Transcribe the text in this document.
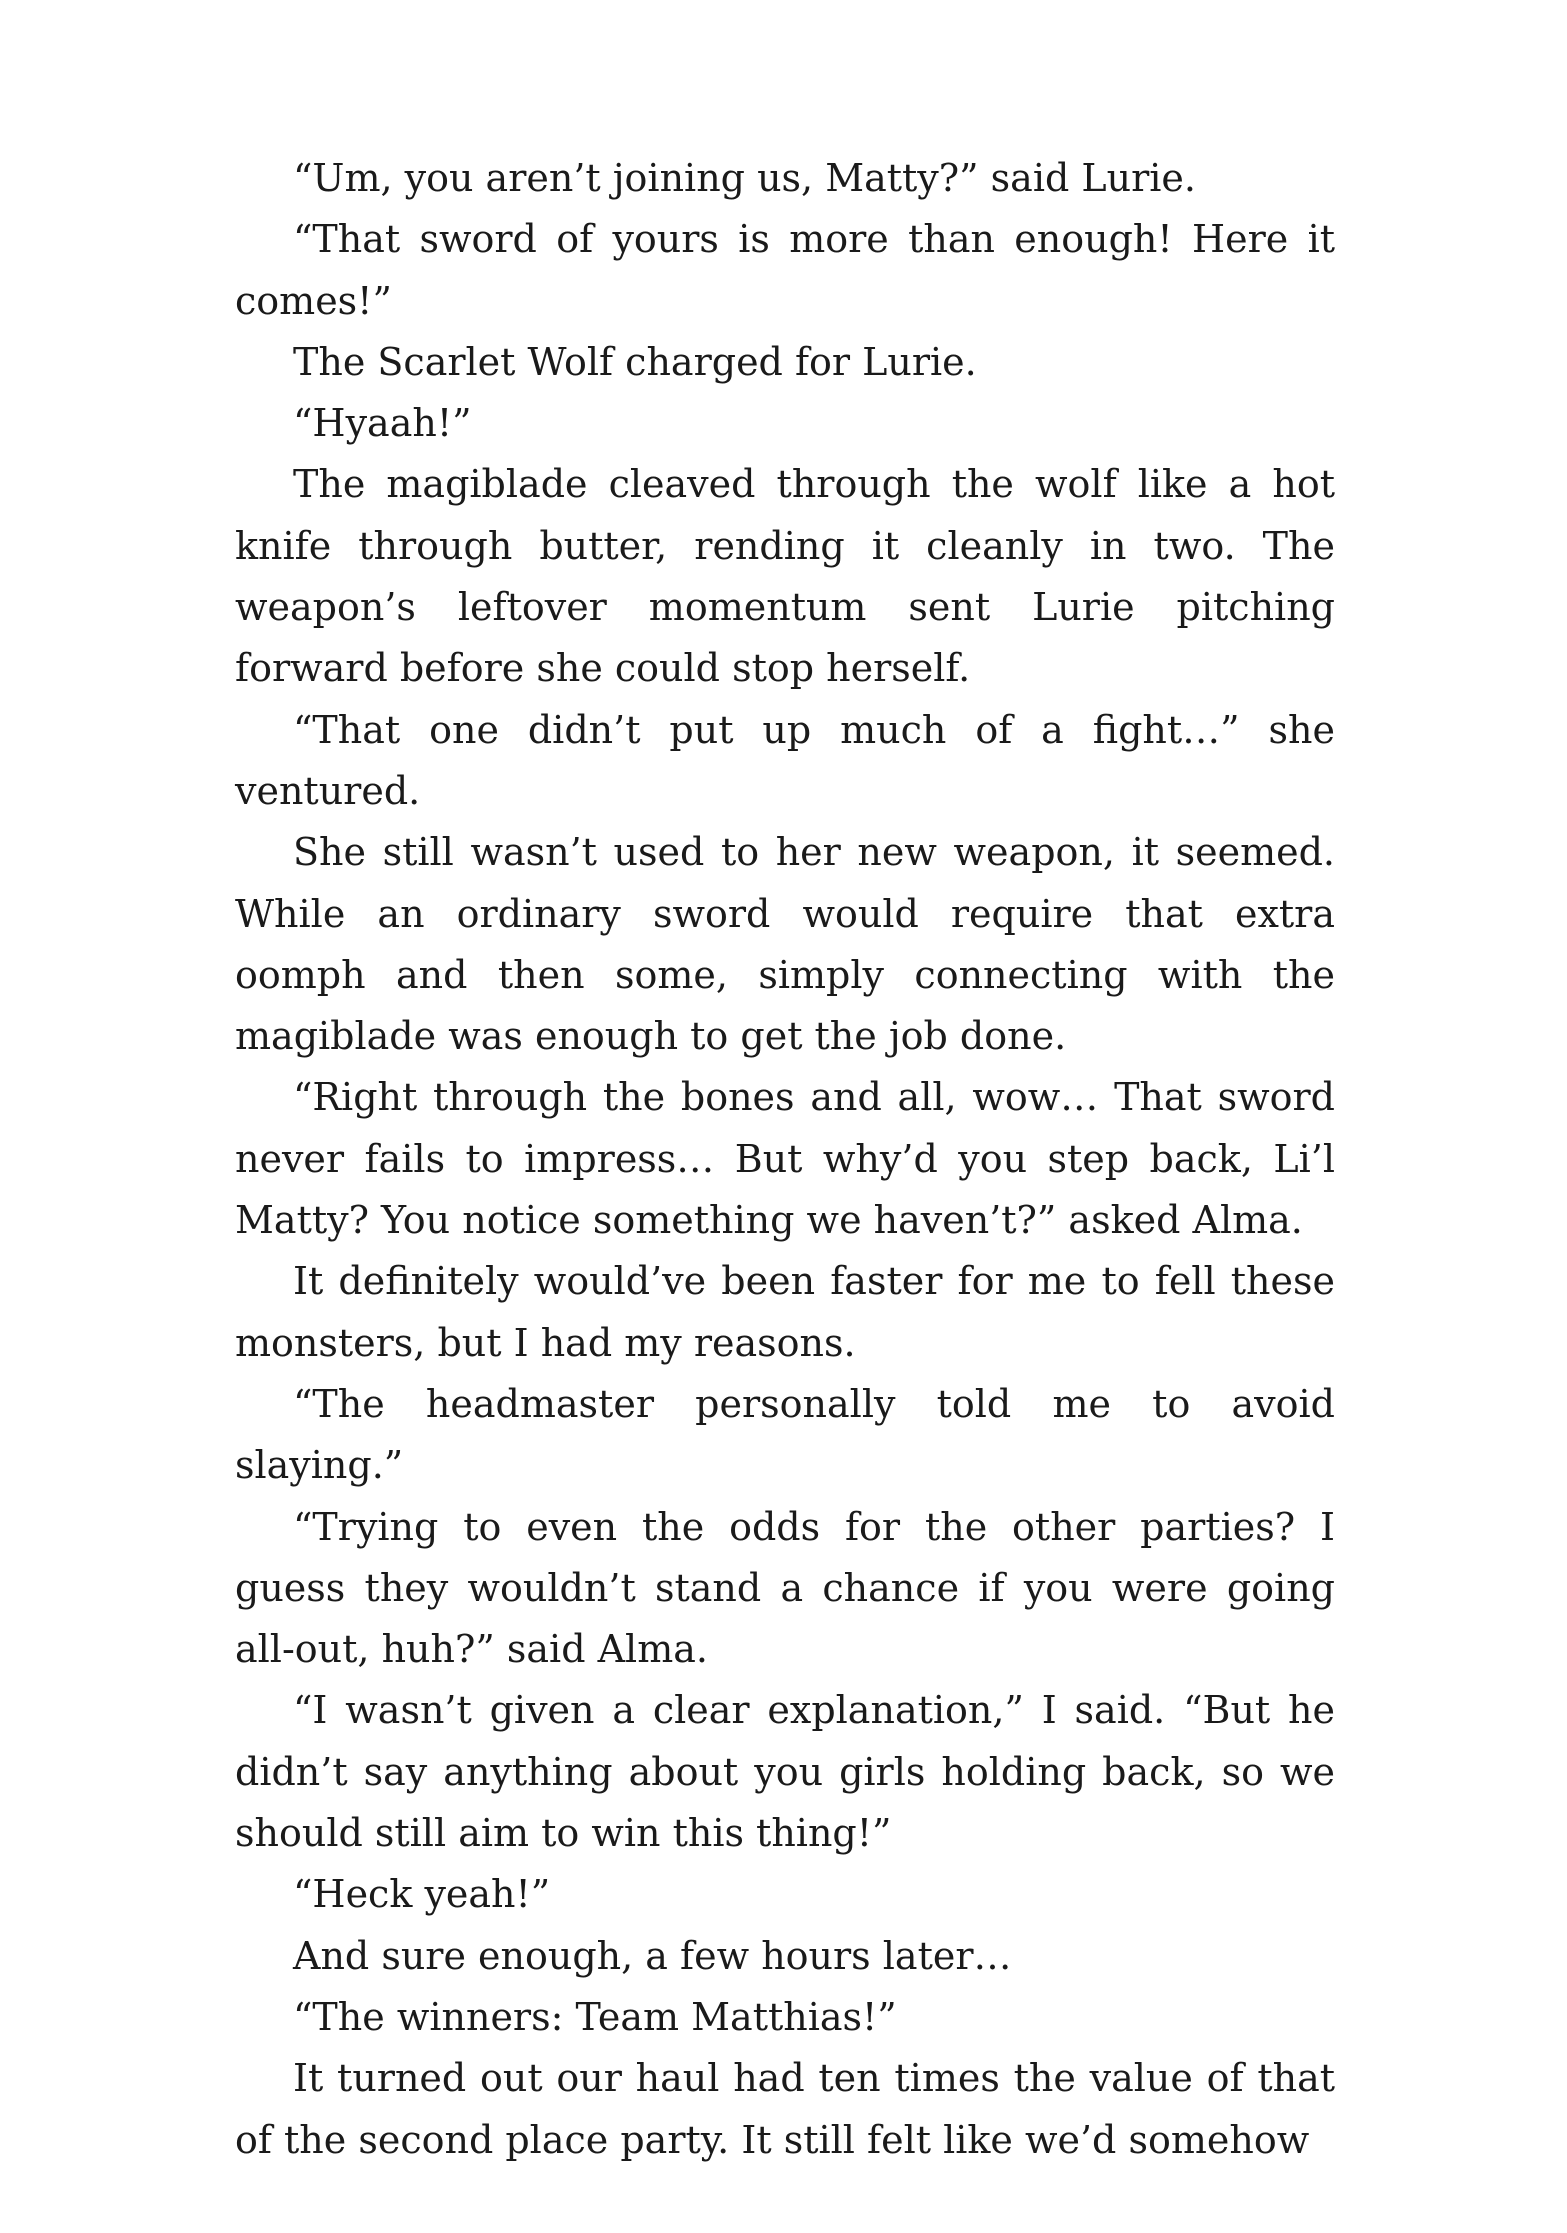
“Um, you aren’t joining us, Matty?” said Lurie.

“That sword of yours is more than enough! Here it comes!”

The Scarlet Wolf charged for Lurie.

“Hyaah!”

The magiblade cleaved through the wolf like a hot knife through butter, rending it cleanly in two. The weapon’s leftover momentum sent Lurie pitching forward before she could stop herself.

“That one didn’t put up much of a fight…” she ventured.

She still wasn’t used to her new weapon, it seemed. While an ordinary sword would require that extra oomph and then some, simply connecting with the magiblade was enough to get the job done.

“Right through the bones and all, wow… That sword never fails to impress… But why’d you step back, Li’l Matty? You notice something we haven’t?” asked Alma.

It definitely would’ve been faster for me to fell these monsters, but I had my reasons.

“The headmaster personally told me to avoid slaying.”

“Trying to even the odds for the other parties? I guess they wouldn’t stand a chance if you were going all-out, huh?” said Alma.

“I wasn’t given a clear explanation,” I said. “But he didn’t say anything about you girls holding back, so we should still aim to win this thing!”

“Heck yeah!”

And sure enough, a few hours later…

“The winners: Team Matthias!”

It turned out our haul had ten times the value of that of the second place party. It still felt like we’d somehow
